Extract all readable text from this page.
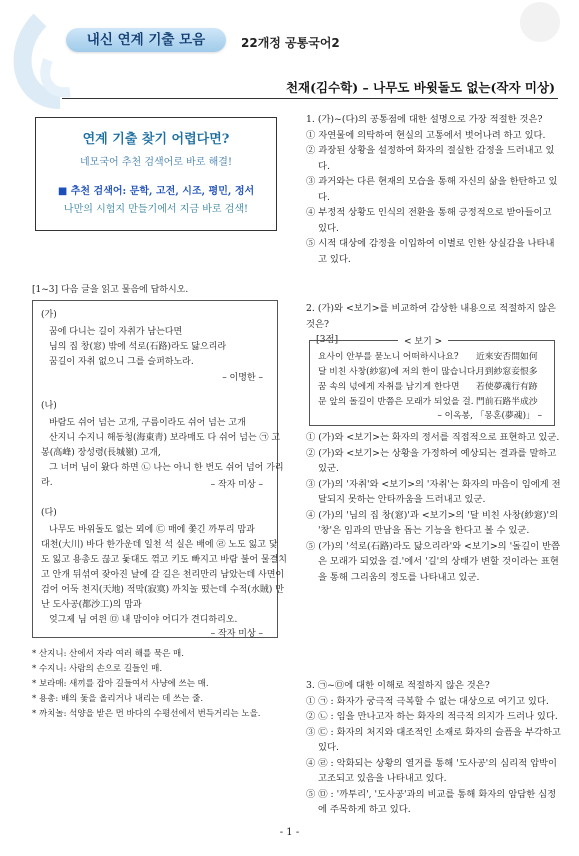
내신 연계 기출 모음	22개정 공통국어2
천재(김수학) – 나무도 바윗돌도 없는(작자 미상)
연계 기출 찾기 어렵다면?
네모국어 추천 검색어로 바로 해결!
■ 추천 검색어: 문학, 고전, 시조, 평민, 정서
나만의 시험지 만들기에서 지금 바로 검색!
[1~3] 다음 글을 읽고 물음에 답하시오.
(가)
꿈에 다니는 길이 자취가 남는다면
님의 집 창(窓) 밖에 석로(石路)라도 닳으리라
꿈길이 자취 없으니 그를 슬퍼하노라.
– 이명한 –
(나)
바람도 쉬어 넘는 고개, 구름이라도 쉬어 넘는 고개
산지니 수지니 해동청(海東靑) 보라매도 다 쉬어 넘는 ㉠ 고
봉(高峰) 장성령(長城嶺) 고개,
그 너머 님이 왔다 하면 ㉡ 나는 아니 한 번도 쉬어 넘어 가리
라.	– 작자 미상 –
(다)
나무도 바위돌도 없는 뫼에 ㉢ 매에 쫓긴 까투리 맘과
대천(大川) 바다 한가운데 일천 석 실은 배에 ㉣ 노도 잃고 닻
도 잃고 용총도 끊고 돛대도 꺾고 키도 빠지고 바람 불어 물결치
고 안개 뒤섞여 잦아진 날에 갈 길은 천리만리 남았는데 사면이
검어 어둑 천지(天地) 적막(寂寞) 까치놀 떴는데 수적(水賊) 만
난 도사공(都沙工)의 맘과
엊그제 님 여읜 ㉤ 내 맘이야 어디가 견디하리오.
– 작자 미상 –
* 산지니: 산에서 자라 여러 해를 묵은 매.
* 수지니: 사람의 손으로 길들인 매.
* 보라매: 새끼를 잡아 길들여서 사냥에 쓰는 매.
* 용총: 배의 돛을 올리거나 내리는 데 쓰는 줄.
* 까치놀: 석양을 받은 먼 바다의 수평선에서 번득거리는 노을.

1. (가)~(다)의 공통점에 대한 설명으로 가장 적절한 것은?

① 자연물에 의탁하여 현실의 고통에서 벗어나려 하고 있다.

② 과장된 상황을 설정하여 화자의 절실한 감정을 드러내고 있다.

③ 과거와는 다른 현재의 모습을 통해 자신의 삶을 한탄하고 있다.

④ 부정적 상황도 인식의 전환을 통해 긍정적으로 받아들이고 있다.

⑤ 시적 대상에 감정을 이입하여 이별로 인한 상실감을 나타내고 있다.

2. (가)와 <보기>를 비교하여 감상한 내용으로 적절하지 않은 것은?

[3점]	< 보기 >
요사이 안부를 묻노니 어떠하시나요?
달 비친 사창(紗窓)에 저의 한이 많습니다.
꿈 속의 넋에게 자취를 남기게 한다면
문 앞의 돌길이 반쯤은 모래가 되었을 걸.
近來安否問如何
月到紗窓妾恨多
若使夢魂行有跡
門前石路半成沙
– 이옥봉, 「몽혼(夢魂)」 –

① (가)와 <보기>는 화자의 정서를 직접적으로 표현하고 있군.

② (가)와 <보기>는 상황을 가정하여 예상되는 결과를 말하고 있군.

③ (가)의 '자취'와 <보기>의 '자취'는 화자의 마음이 임에게 전달되지 못하는 안타까움을 드러내고 있군.

④ (가)의 '님의 집 창(窓)'과 <보기>의 '달 비친 사창(紗窓)'의 '창'은 임과의 만남을 돕는 기능을 한다고 볼 수 있군.

⑤ (가)의 '석로(石路)라도 닳으리라'와 <보기>의 '돌길이 반쯤은 모래가 되었을 걸.'에서 '길'의 상태가 변할 것이라는 표현을 통해 그리움의 정도를 나타내고 있군.

3. ㉠~㉤에 대한 이해로 적절하지 않은 것은?

① ㉠ : 화자가 궁극적 극복할 수 없는 대상으로 여기고 있다.

② ㉡ : 임을 만나고자 하는 화자의 적극적 의지가 드러나 있다.

③ ㉢ : 화자의 처지와 대조적인 소재로 화자의 슬픔을 부각하고 있다.

④ ㉣ : 악화되는 상황의 열거를 통해 '도사공'의 심리적 압박이 고조되고 있음을 나타내고 있다.

⑤ ㉤ : '까투리', '도사공'과의 비교를 통해 화자의 암담한 심정에 주목하게 하고 있다.

- 1 -
